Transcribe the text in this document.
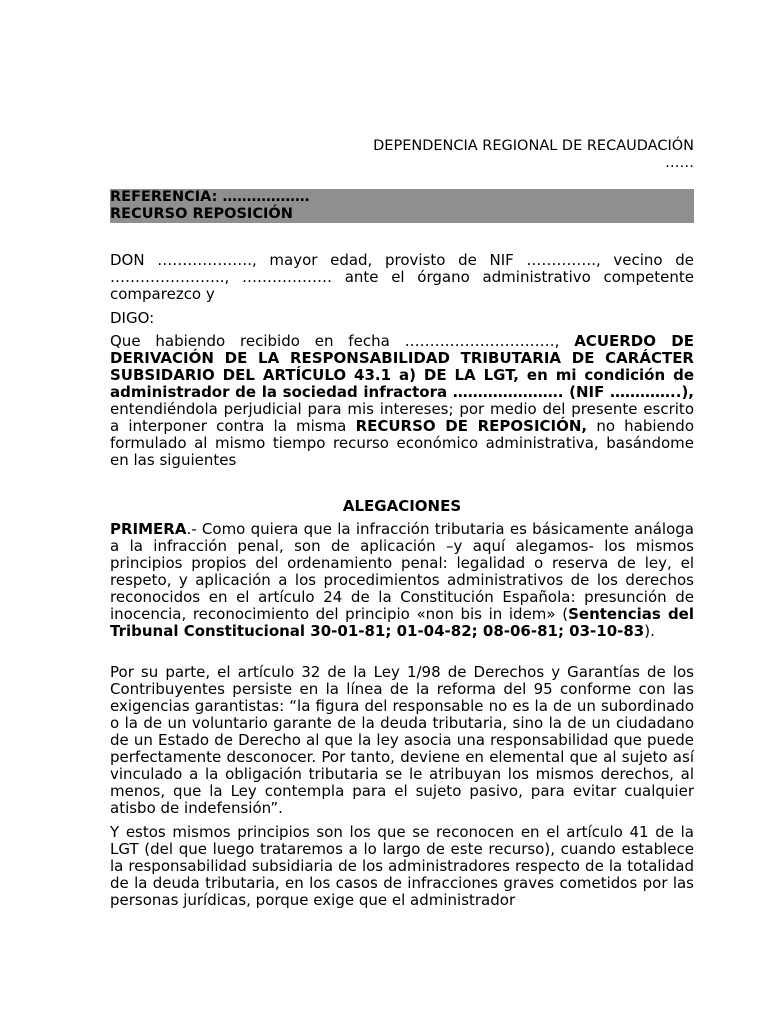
DEPENDENCIA REGIONAL DE RECAUDACIÓN
……
REFERENCIA: ………………
RECURSO REPOSICIÓN

DON ………………., mayor edad, provisto de NIF ………….., vecino de ………………….., ……………… ante el órgano administrativo competente comparezco y

DIGO:

Que habiendo recibido en fecha …………………………, ACUERDO DE DERIVACIÓN DE LA RESPONSABILIDAD TRIBUTARIA DE CARÁCTER SUBSIDARIO DEL ARTÍCULO 43.1 a) DE LA LGT, en mi condición de administrador de la sociedad infractora …………………. (NIF …………..), entendiéndola perjudicial para mis intereses; por medio del presente escrito a interponer contra la misma RECURSO DE REPOSICIÓN, no habiendo formulado al mismo tiempo recurso económico administrativa, basándome en las siguientes

ALEGACIONES

PRIMERA.- Como quiera que la infracción tributaria es básicamente análoga a la infracción penal, son de aplicación –y aquí alegamos- los mismos principios propios del ordenamiento penal: legalidad o reserva de ley, el respeto, y aplicación a los procedimientos administrativos de los derechos reconocidos en el artículo 24 de la Constitución Española: presunción de inocencia, reconocimiento del principio «non bis in idem» (Sentencias del Tribunal Constitucional 30-01-81; 01-04-82; 08-06-81; 03-10-83).

Por su parte, el artículo 32 de la Ley 1/98 de Derechos y Garantías de los Contribuyentes persiste en la línea de la reforma del 95 conforme con las exigencias garantistas: “la figura del responsable no es la de un subordinado o la de un voluntario garante de la deuda tributaria, sino la de un ciudadano de un Estado de Derecho al que la ley asocia una responsabilidad que puede perfectamente desconocer. Por tanto, deviene en elemental que al sujeto así vinculado a la obligación tributaria se le atribuyan los mismos derechos, al menos, que la Ley contempla para el sujeto pasivo, para evitar cualquier atisbo de indefensión”.

Y estos mismos principios son los que se reconocen en el artículo 41 de la LGT (del que luego trataremos a lo largo de este recurso), cuando establece la responsabilidad subsidiaria de los administradores respecto de la totalidad de la deuda tributaria, en los casos de infracciones graves cometidos por las personas jurídicas, porque exige que el administrador
